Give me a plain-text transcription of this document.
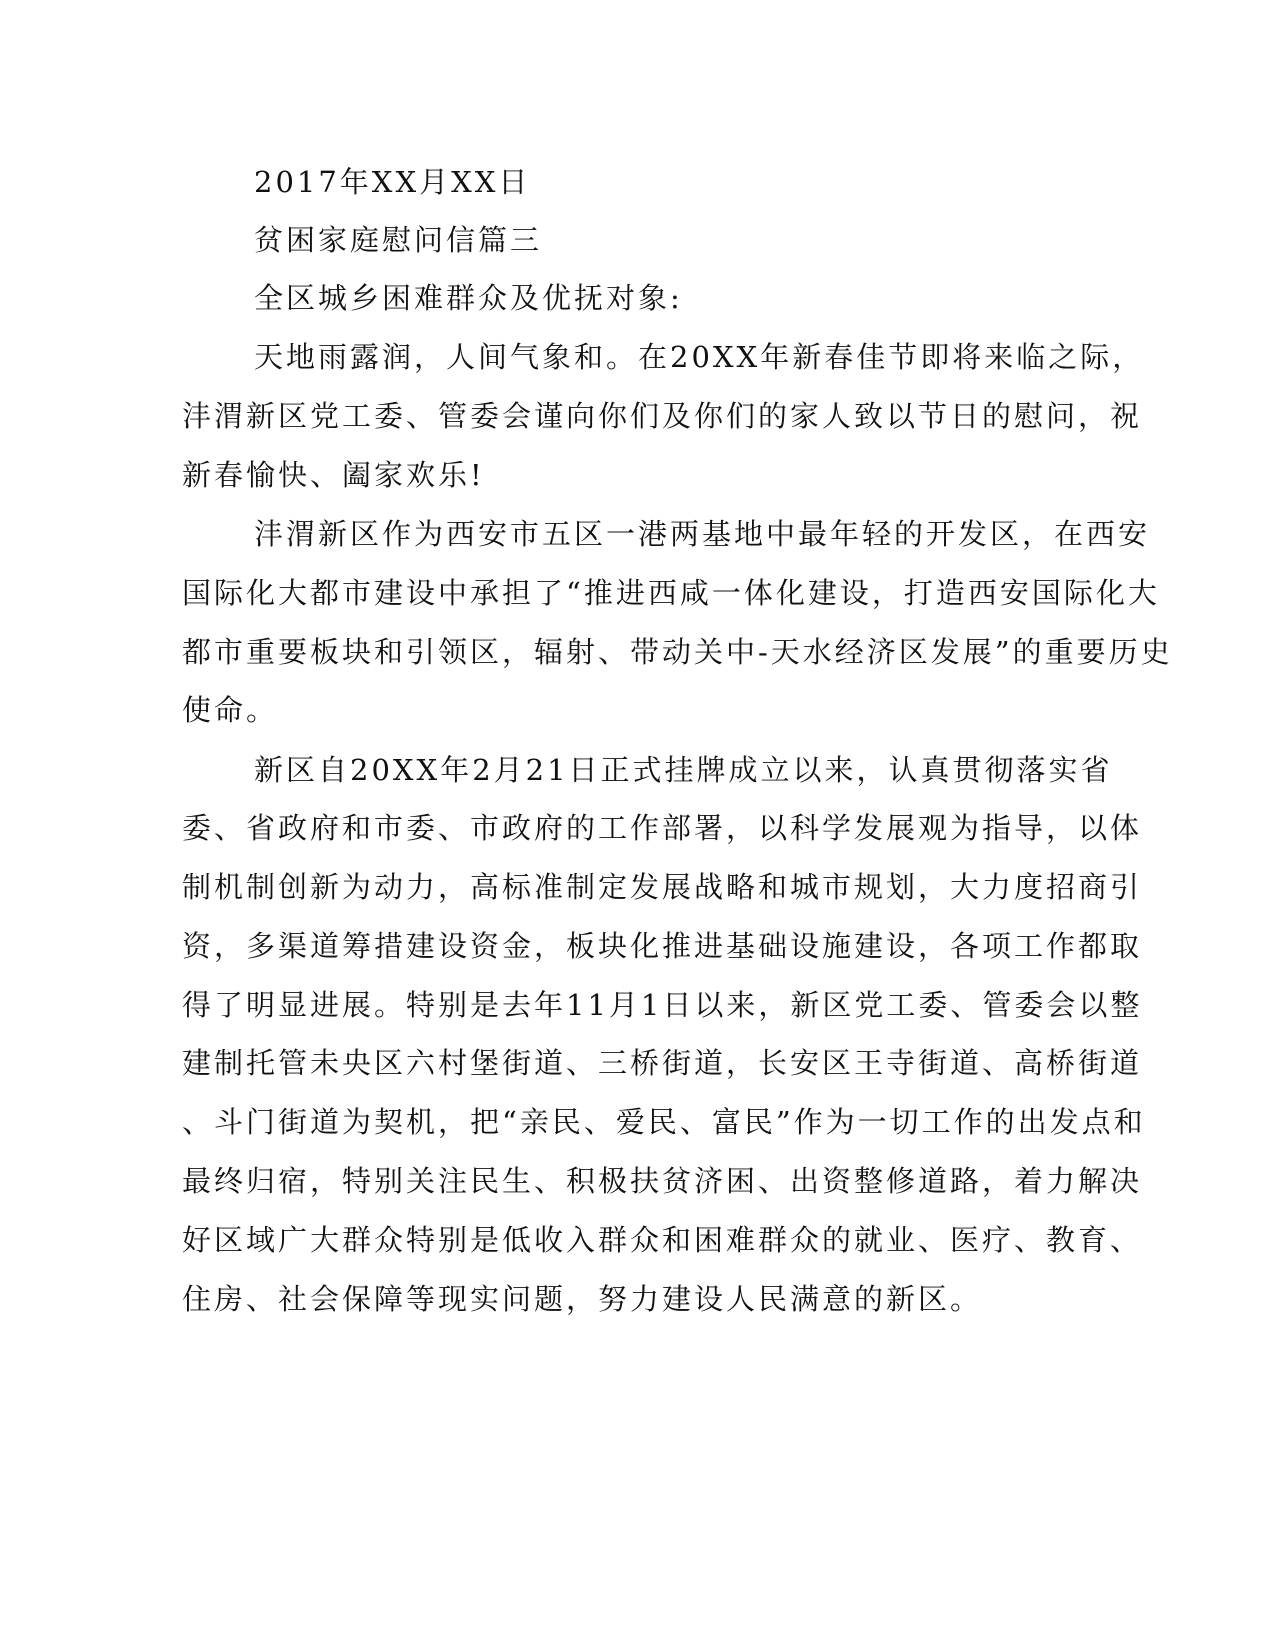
2017年XX月XX日
贫困家庭慰问信篇三
全区城乡困难群众及优抚对象:
天地雨露润，人间气象和。在20XX年新春佳节即将来临之际，
沣渭新区党工委、管委会谨向你们及你们的家人致以节日的慰问，祝
新春愉快、阖家欢乐!
沣渭新区作为西安市五区一港两基地中最年轻的开发区，在西安
国际化大都市建设中承担了“推进西咸一体化建设，打造西安国际化大
都市重要板块和引领区，辐射、带动关中-天水经济区发展”的重要历史
使命。
新区自20XX年2月21日正式挂牌成立以来，认真贯彻落实省
委、省政府和市委、市政府的工作部署，以科学发展观为指导，以体
制机制创新为动力，高标准制定发展战略和城市规划，大力度招商引
资，多渠道筹措建设资金，板块化推进基础设施建设，各项工作都取
得了明显进展。特别是去年11月1日以来，新区党工委、管委会以整
建制托管未央区六村堡街道、三桥街道，长安区王寺街道、高桥街道
、斗门街道为契机，把“亲民、爱民、富民”作为一切工作的出发点和
最终归宿，特别关注民生、积极扶贫济困、出资整修道路，着力解决
好区域广大群众特别是低收入群众和困难群众的就业、医疗、教育、
住房、社会保障等现实问题，努力建设人民满意的新区。
